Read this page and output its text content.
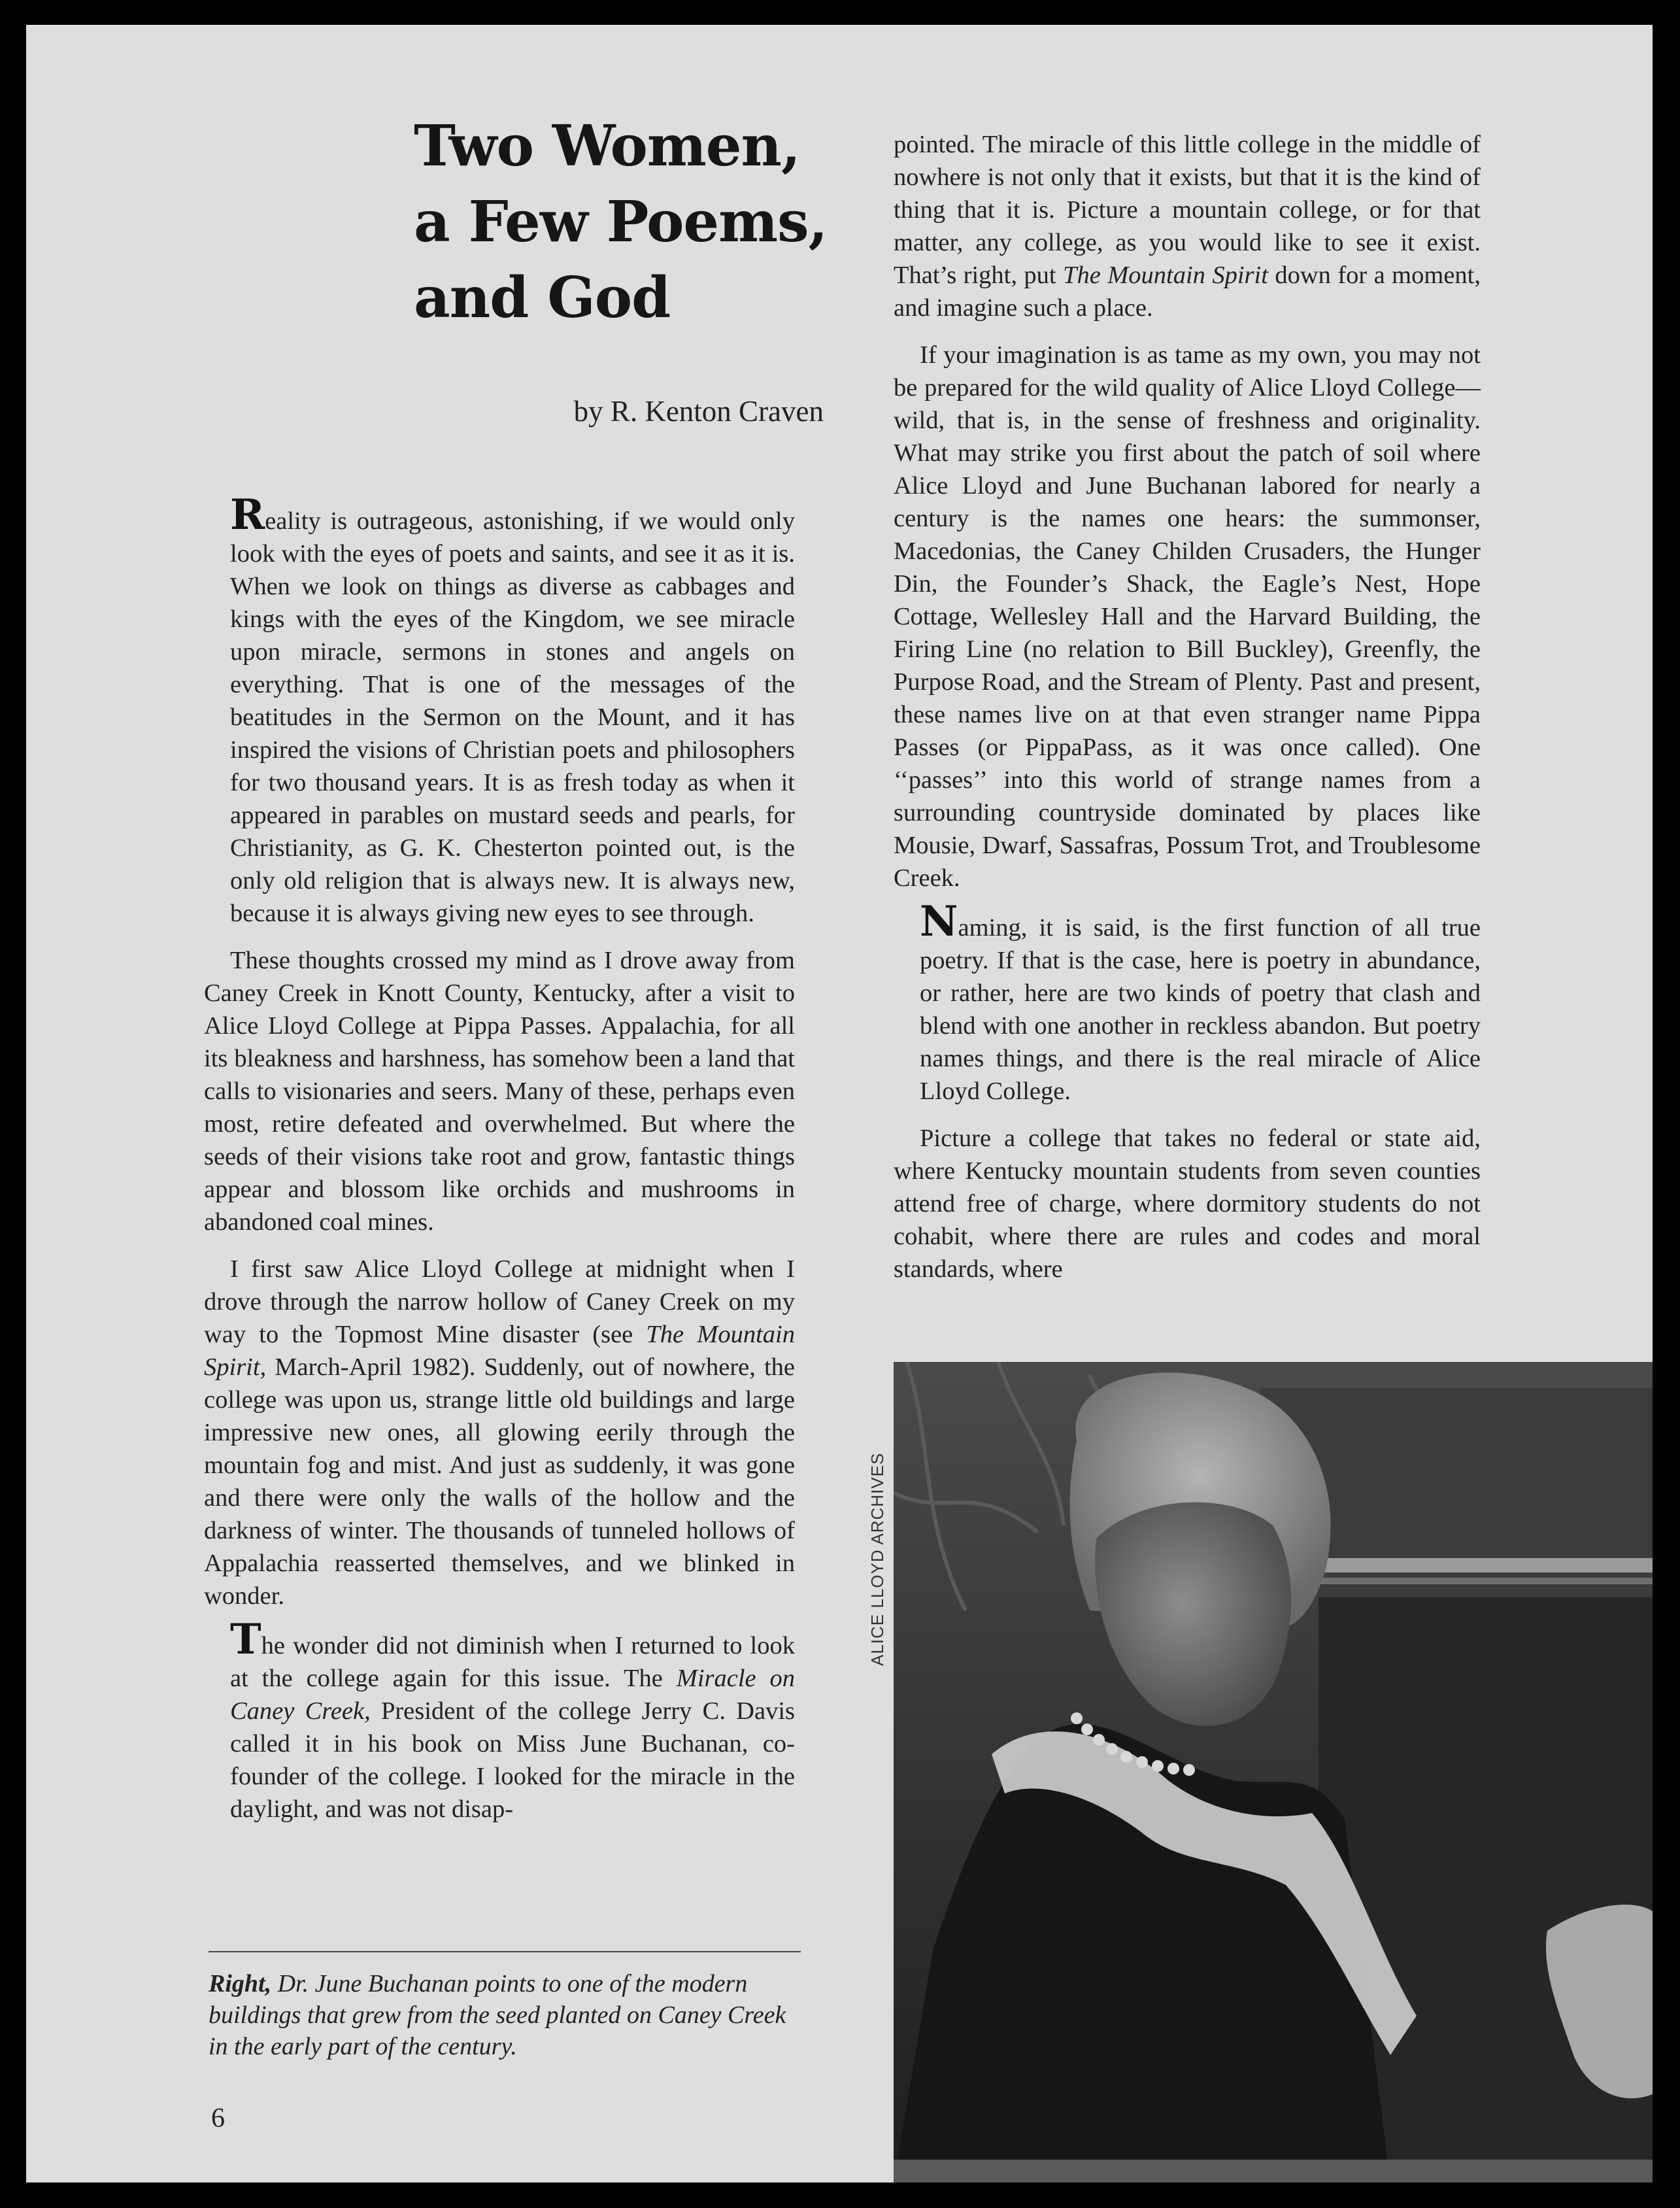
Two Women,
a Few Poems,
and God
by R. Kenton Craven

Reality is outrageous, astonishing, if we would only look with the eyes of poets and saints, and see it as it is. When we look on things as diverse as cabbages and kings with the eyes of the Kingdom, we see miracle upon miracle, sermons in stones and angels on everything. That is one of the messages of the beatitudes in the Sermon on the Mount, and it has inspired the visions of Christian poets and philosophers for two thousand years. It is as fresh today as when it appeared in parables on mustard seeds and pearls, for Christianity, as G. K. Chesterton pointed out, is the only old religion that is always new. It is always new, because it is always giving new eyes to see through.

These thoughts crossed my mind as I drove away from Caney Creek in Knott County, Kentucky, after a visit to Alice Lloyd College at Pippa Passes. Appalachia, for all its bleakness and harshness, has somehow been a land that calls to visionaries and seers. Many of these, perhaps even most, retire defeated and overwhelmed. But where the seeds of their visions take root and grow, fantastic things appear and blossom like orchids and mushrooms in abandoned coal mines.

I first saw Alice Lloyd College at midnight when I drove through the narrow hollow of Caney Creek on my way to the Topmost Mine disaster (see The Mountain Spirit, March-April 1982). Suddenly, out of nowhere, the college was upon us, strange little old buildings and large impressive new ones, all glowing eerily through the mountain fog and mist. And just as suddenly, it was gone and there were only the walls of the hollow and the darkness of winter. The thousands of tunneled hollows of Appalachia reasserted themselves, and we blinked in wonder.

The wonder did not diminish when I returned to look at the college again for this issue. The Miracle on Caney Creek, President of the college Jerry C. Davis called it in his book on Miss June Buchanan, co-founder of the college. I looked for the miracle in the daylight, and was not disap-

pointed. The miracle of this little college in the middle of nowhere is not only that it exists, but that it is the kind of thing that it is. Picture a mountain college, or for that matter, any college, as you would like to see it exist. That’s right, put The Mountain Spirit down for a moment, and imagine such a place.

If your imagination is as tame as my own, you may not be prepared for the wild quality of Alice Lloyd College—wild, that is, in the sense of freshness and originality. What may strike you first about the patch of soil where Alice Lloyd and June Buchanan labored for nearly a century is the names one hears: the summonser, Macedonias, the Caney Childen Crusaders, the Hunger Din, the Founder’s Shack, the Eagle’s Nest, Hope Cottage, Wellesley Hall and the Harvard Building, the Firing Line (no relation to Bill Buckley), Greenfly, the Purpose Road, and the Stream of Plenty. Past and present, these names live on at that even stranger name Pippa Passes (or PippaPass, as it was once called). One ‘‘passes’’ into this world of strange names from a surrounding countryside dominated by places like Mousie, Dwarf, Sassafras, Possum Trot, and Troublesome Creek.

Naming, it is said, is the first function of all true poetry. If that is the case, here is poetry in abundance, or rather, here are two kinds of poetry that clash and blend with one another in reckless abandon. But poetry names things, and there is the real miracle of Alice Lloyd College.

Picture a college that takes no federal or state aid, where Kentucky mountain students from seven counties attend free of charge, where dormitory students do not cohabit, where there are rules and codes and moral standards, where

Right, Dr. June Buchanan points to one of the modern buildings that grew from the seed planted on Caney Creek in the early part of the century.
6
ALICE LLOYD ARCHIVES
